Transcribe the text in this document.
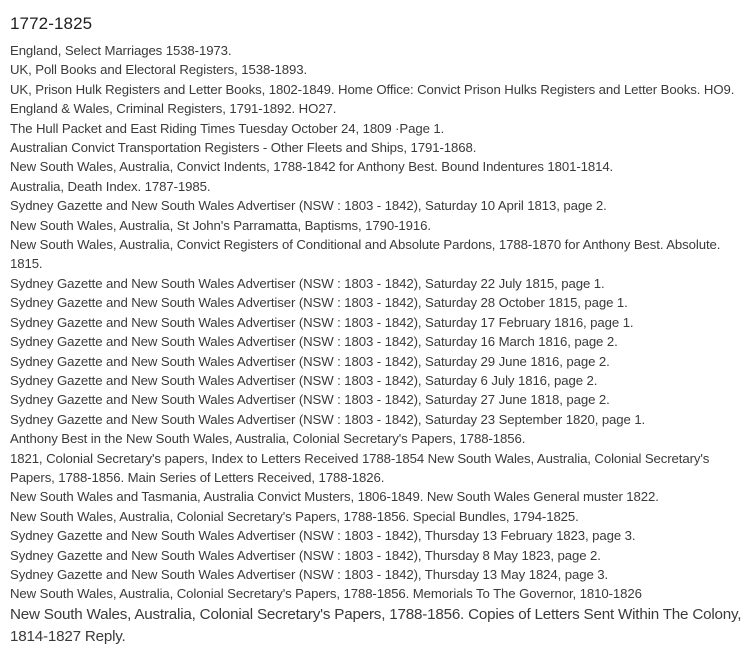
1772-1825

England, Select Marriages 1538-1973.

UK, Poll Books and Electoral Registers, 1538-1893.

UK, Prison Hulk Registers and Letter Books, 1802-1849. Home Office: Convict Prison Hulks Registers and Letter Books. HO9. England & Wales, Criminal Registers, 1791-1892. HO27.

The Hull Packet and East Riding Times Tuesday October 24, 1809 ·Page 1.

Australian Convict Transportation Registers - Other Fleets and Ships, 1791-1868.

New South Wales, Australia, Convict Indents, 1788-1842 for Anthony Best. Bound Indentures 1801-1814.

Australia, Death Index. 1787-1985.

Sydney Gazette and New South Wales Advertiser (NSW : 1803 - 1842), Saturday 10 April 1813, page 2.

New South Wales, Australia, St John's Parramatta, Baptisms, 1790-1916.

New South Wales, Australia, Convict Registers of Conditional and Absolute Pardons, 1788-1870 for Anthony Best. Absolute. 1815.

Sydney Gazette and New South Wales Advertiser (NSW : 1803 - 1842), Saturday 22 July 1815, page 1.

Sydney Gazette and New South Wales Advertiser (NSW : 1803 - 1842), Saturday 28 October 1815, page 1.

Sydney Gazette and New South Wales Advertiser (NSW : 1803 - 1842), Saturday 17 February 1816, page 1.

Sydney Gazette and New South Wales Advertiser (NSW : 1803 - 1842), Saturday 16 March 1816, page 2.

Sydney Gazette and New South Wales Advertiser (NSW : 1803 - 1842), Saturday 29 June 1816, page 2.

Sydney Gazette and New South Wales Advertiser (NSW : 1803 - 1842), Saturday 6 July 1816, page 2.

Sydney Gazette and New South Wales Advertiser (NSW : 1803 - 1842), Saturday 27 June 1818, page 2.

Sydney Gazette and New South Wales Advertiser (NSW : 1803 - 1842), Saturday 23 September 1820, page 1.

Anthony Best in the New South Wales, Australia, Colonial Secretary's Papers, 1788-1856.

1821, Colonial Secretary's papers, Index to Letters Received 1788-1854 New South Wales, Australia, Colonial Secretary's Papers, 1788-1856. Main Series of Letters Received, 1788-1826.

New South Wales and Tasmania, Australia Convict Musters, 1806-1849. New South Wales General muster 1822.

New South Wales, Australia, Colonial Secretary's Papers, 1788-1856. Special Bundles, 1794-1825.

Sydney Gazette and New South Wales Advertiser (NSW : 1803 - 1842), Thursday 13 February 1823, page 3.

Sydney Gazette and New South Wales Advertiser (NSW : 1803 - 1842), Thursday 8 May 1823, page 2.

Sydney Gazette and New South Wales Advertiser (NSW : 1803 - 1842), Thursday 13 May 1824, page 3.

New South Wales, Australia, Colonial Secretary's Papers, 1788-1856. Memorials To The Governor, 1810-1826

New South Wales, Australia, Colonial Secretary's Papers, 1788-1856. Copies of Letters Sent Within The Colony, 1814-1827 Reply.
